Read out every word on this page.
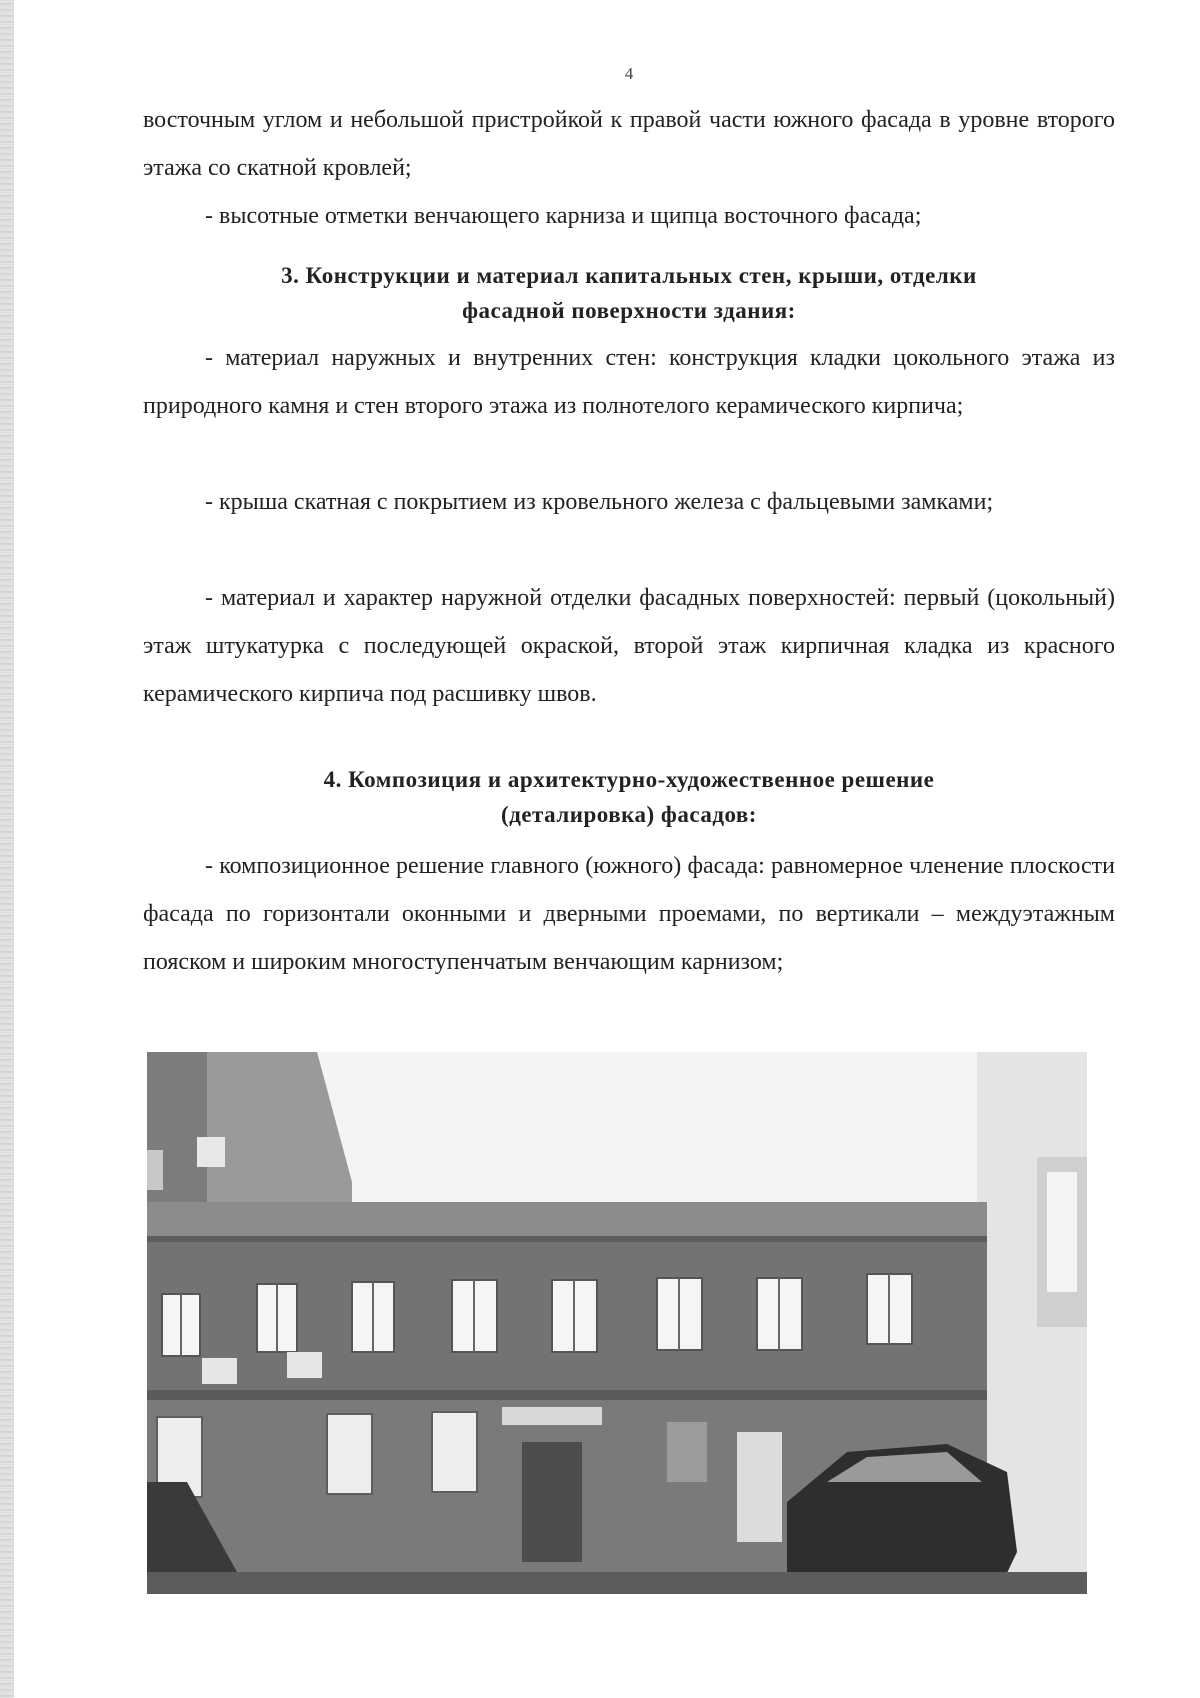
4

восточным углом и небольшой пристройкой к правой части южного фасада в уровне второго этажа со скатной кровлей;

- высотные отметки венчающего карниза и щипца восточного фасада;

3. Конструкции и материал капитальных стен, крыши, отделки
фасадной поверхности здания:

- материал наружных и внутренних стен: конструкция кладки цокольного этажа из природного камня и стен второго этажа из полнотелого керамического кирпича;

- крыша скатная с покрытием из кровельного железа с фальцевыми замками;

- материал и характер наружной отделки фасадных поверхностей: первый (цокольный) этаж штукатурка с последующей окраской, второй этаж кирпичная кладка из красного керамического кирпича под расшивку швов.

4. Композиция и архитектурно-художественное решение
(деталировка) фасадов:

- композиционное решение главного (южного) фасада: равномерное членение плоскости фасада по горизонтали оконными и дверными проемами, по вертикали – междуэтажным пояском и широким многоступенчатым венчающим карнизом;
